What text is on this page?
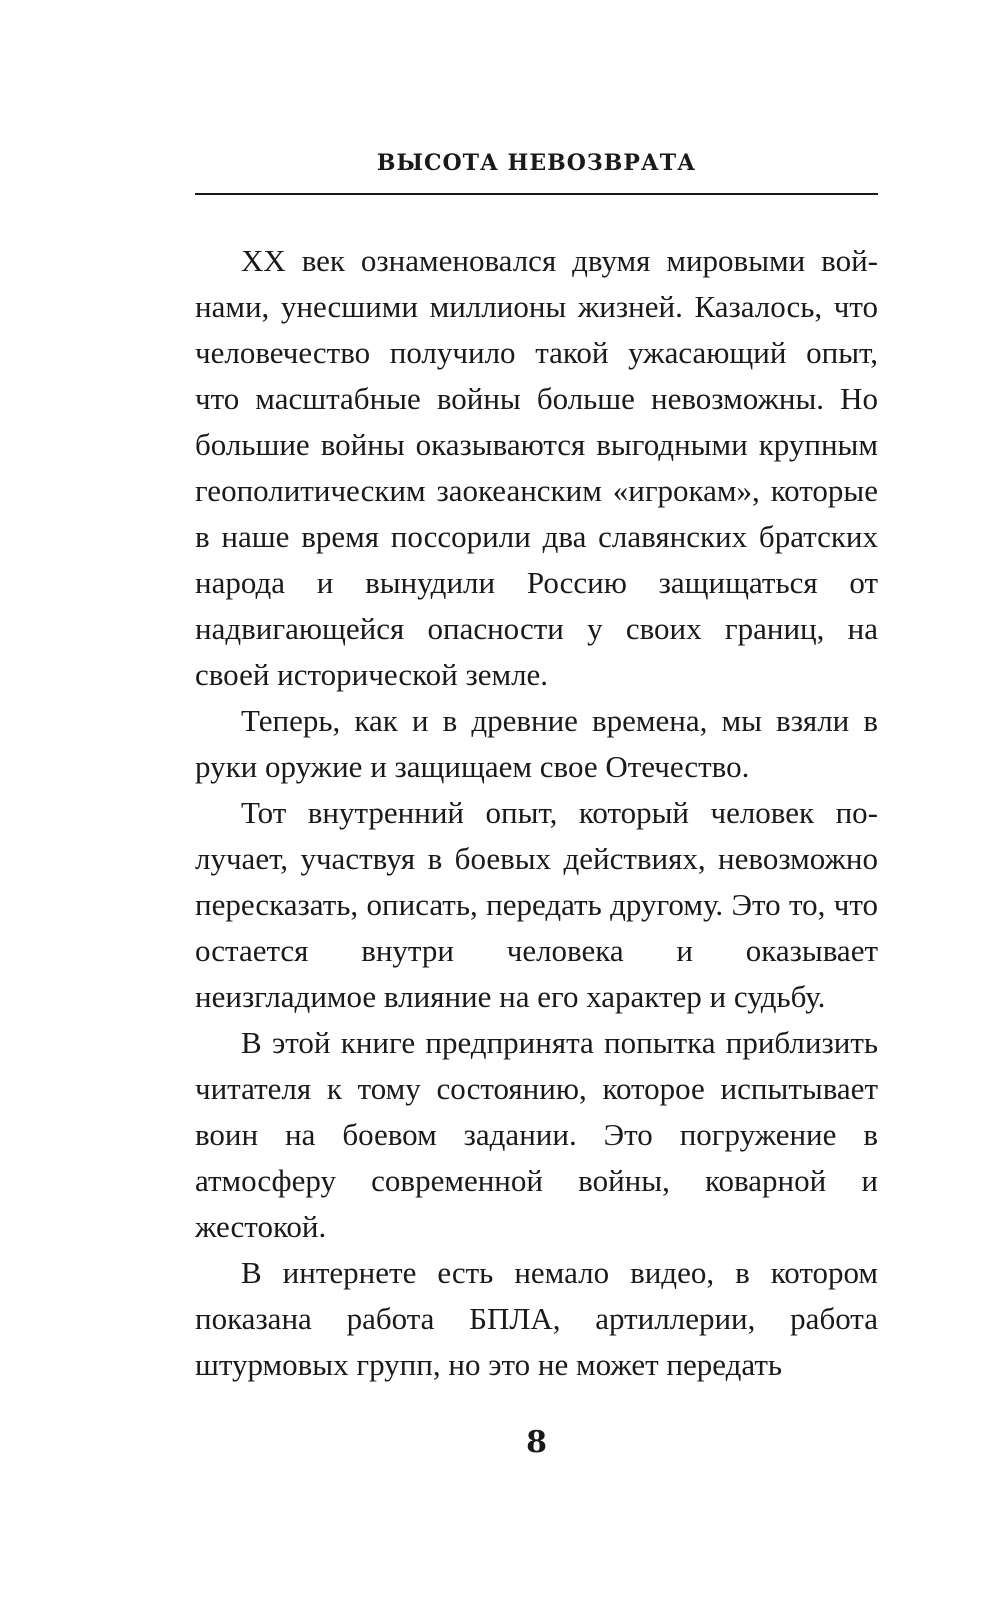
ВЫСОТА НЕВОЗВРАТА

XX век ознаменовался двумя мировыми войнами, унесшими миллионы жизней. Казалось, что человечество получило такой ужасающий опыт, что масштабные войны больше невозможны. Но большие войны оказываются выгодными крупным геополитическим заокеанским «игрокам», которые в наше время поссорили два славянских братских народа и вынудили Россию защищаться от надвигающейся опасности у своих границ, на своей исторической земле.

Теперь, как и в древние времена, мы взяли в руки оружие и защищаем свое Отечество.

Тот внутренний опыт, который человек получает, участвуя в боевых действиях, невозможно пересказать, описать, передать другому. Это то, что остается внутри человека и оказывает неизгладимое влияние на его характер и судьбу.

В этой книге предпринята попытка приблизить читателя к тому состоянию, которое испытывает воин на боевом задании. Это погружение в атмосферу современной войны, коварной и жестокой.

В интернете есть немало видео, в котором показана работа БПЛА, артиллерии, работа штурмовых групп, но это не может передать

8
